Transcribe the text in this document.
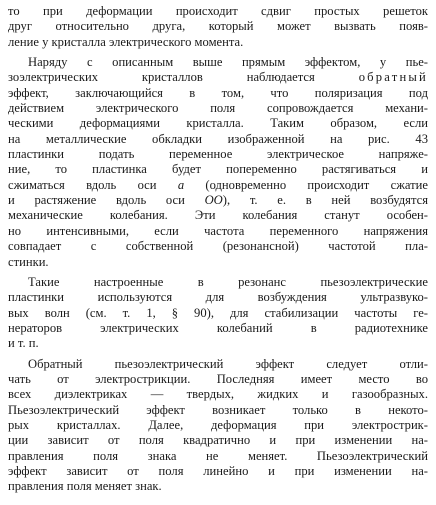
то при деформации происходит сдвиг простых решеток
друг относительно друга, который может вызвать появ-
ление у кристалла электрического момента.
Наряду с описанным выше прямым эффектом, у пье-
зоэлектрических кристаллов наблюдается обратный
эффект, заключающийся в том, что поляризация под
действием электрического поля сопровождается механи-
ческими деформациями кристалла. Таким образом, если
на металлические обкладки изображенной на рис. 43
пластинки подать переменное электрическое напряже-
ние, то пластинка будет попеременно растягиваться и
сжиматься вдоль оси a (одновременно происходит сжатие
и растяжение вдоль оси OO), т. е. в ней возбудятся
механические колебания. Эти колебания станут особен-
но интенсивными, если частота переменного напряжения
совпадает с собственной (резонансной) частотой пла-
стинки.
Такие настроенные в резонанс пьезоэлектрические
пластинки используются для возбуждения ультразвуко-
вых волн (см. т. 1, § 90), для стабилизации частоты ге-
нераторов электрических колебаний в радиотехнике
и т. п.
Обратный пьезоэлектрический эффект следует отли-
чать от электрострикции. Последняя имеет место во
всех диэлектриках — твердых, жидких и газообразных.
Пьезоэлектрический эффект возникает только в некото-
рых кристаллах. Далее, деформация при электрострик-
ции зависит от поля квадратично и при изменении на-
правления поля знака не меняет. Пьезоэлектрический
эффект зависит от поля линейно и при изменении на-
правления поля меняет знак.
